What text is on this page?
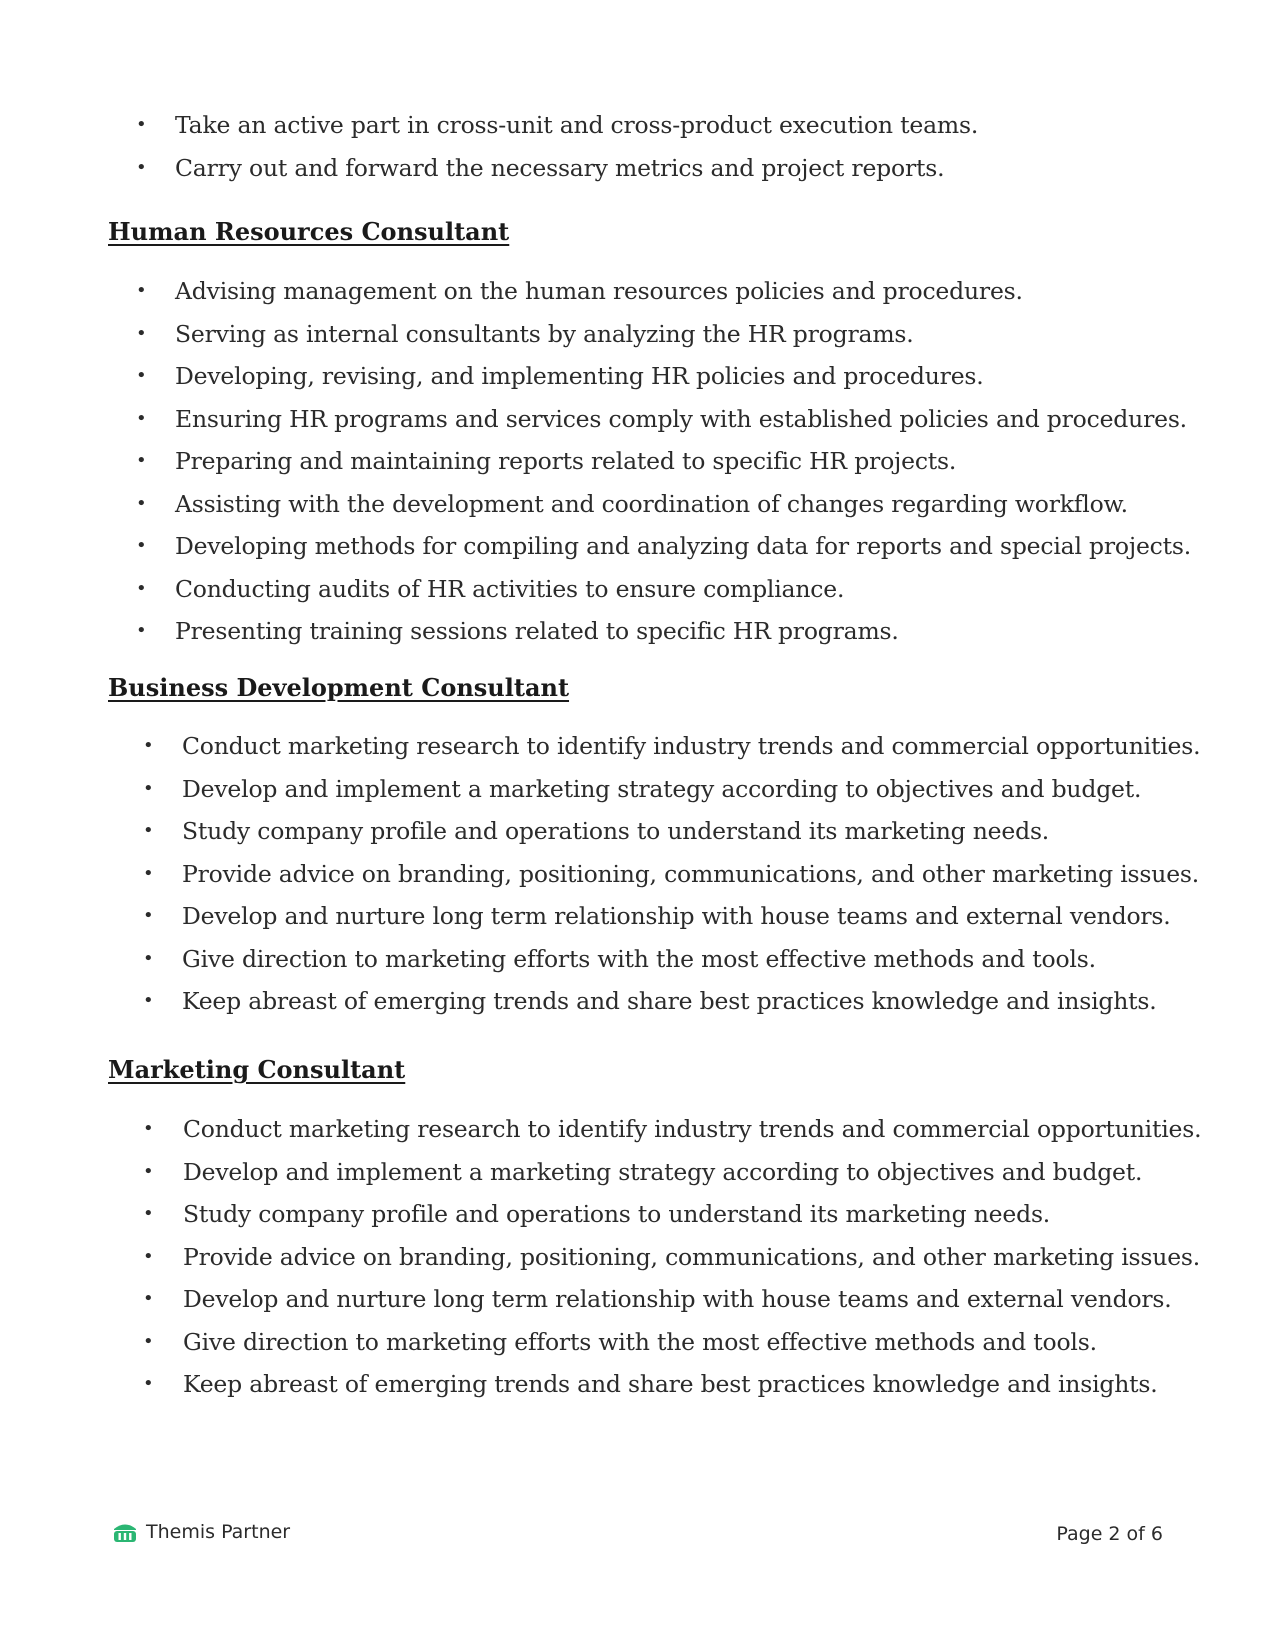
• Take an active part in cross-unit and cross-product execution teams.
• Carry out and forward the necessary metrics and project reports.
Human Resources Consultant
• Advising management on the human resources policies and procedures.
• Serving as internal consultants by analyzing the HR programs.
• Developing, revising, and implementing HR policies and procedures.
• Ensuring HR programs and services comply with established policies and procedures.
• Preparing and maintaining reports related to specific HR projects.
• Assisting with the development and coordination of changes regarding workflow.
• Developing methods for compiling and analyzing data for reports and special projects.
• Conducting audits of HR activities to ensure compliance.
• Presenting training sessions related to specific HR programs.
Business Development Consultant
• Conduct marketing research to identify industry trends and commercial opportunities.
• Develop and implement a marketing strategy according to objectives and budget.
• Study company profile and operations to understand its marketing needs.
• Provide advice on branding, positioning, communications, and other marketing issues.
• Develop and nurture long term relationship with house teams and external vendors.
• Give direction to marketing efforts with the most effective methods and tools.
• Keep abreast of emerging trends and share best practices knowledge and insights.
Marketing Consultant
• Conduct marketing research to identify industry trends and commercial opportunities.
• Develop and implement a marketing strategy according to objectives and budget.
• Study company profile and operations to understand its marketing needs.
• Provide advice on branding, positioning, communications, and other marketing issues.
• Develop and nurture long term relationship with house teams and external vendors.
• Give direction to marketing efforts with the most effective methods and tools.
• Keep abreast of emerging trends and share best practices knowledge and insights.
Themis Partner	Page 2 of 6
